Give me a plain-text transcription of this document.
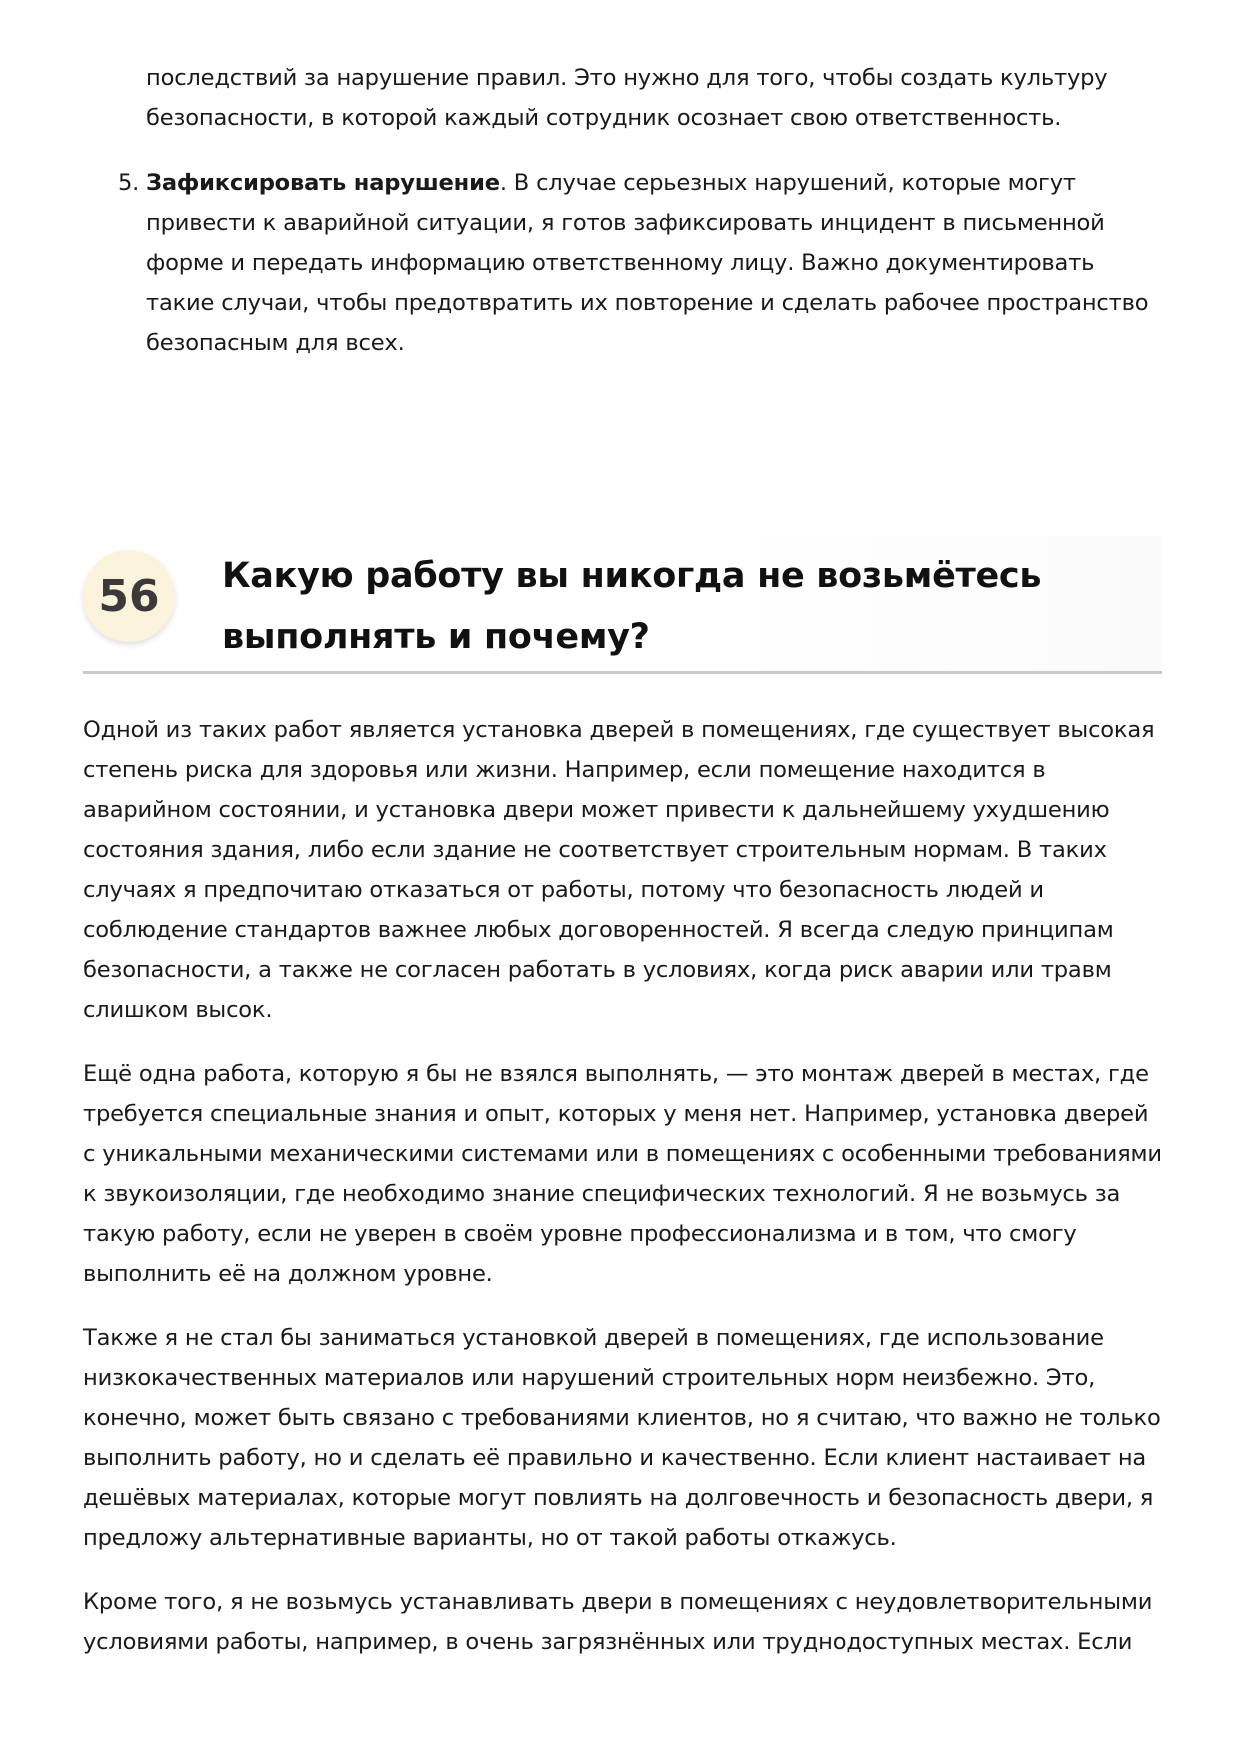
последствий за нарушение правил. Это нужно для того, чтобы создать культуру безопасности, в которой каждый сотрудник осознает свою ответственность.

5. Зафиксировать нарушение. В случае серьезных нарушений, которые могут привести к аварийной ситуации, я готов зафиксировать инцидент в письменной форме и передать информацию ответственному лицу. Важно документировать такие случаи, чтобы предотвратить их повторение и сделать рабочее пространство безопасным для всех.
56	Какую работу вы никогда не возьмётесь выполнять и почему?

Одной из таких работ является установка дверей в помещениях, где существует высокая степень риска для здоровья или жизни. Например, если помещение находится в аварийном состоянии, и установка двери может привести к дальнейшему ухудшению состояния здания, либо если здание не соответствует строительным нормам. В таких случаях я предпочитаю отказаться от работы, потому что безопасность людей и соблюдение стандартов важнее любых договоренностей. Я всегда следую принципам безопасности, а также не согласен работать в условиях, когда риск аварии или травм слишком высок.

Ещё одна работа, которую я бы не взялся выполнять, — это монтаж дверей в местах, где требуется специальные знания и опыт, которых у меня нет. Например, установка дверей с уникальными механическими системами или в помещениях с особенными требованиями к звукоизоляции, где необходимо знание специфических технологий. Я не возьмусь за такую работу, если не уверен в своём уровне профессионализма и в том, что смогу выполнить её на должном уровне.

Также я не стал бы заниматься установкой дверей в помещениях, где использование низкокачественных материалов или нарушений строительных норм неизбежно. Это, конечно, может быть связано с требованиями клиентов, но я считаю, что важно не только выполнить работу, но и сделать её правильно и качественно. Если клиент настаивает на дешёвых материалах, которые могут повлиять на долговечность и безопасность двери, я предложу альтернативные варианты, но от такой работы откажусь.

Кроме того, я не возьмусь устанавливать двери в помещениях с неудовлетворительными условиями работы, например, в очень загрязнённых или труднодоступных местах. Если
